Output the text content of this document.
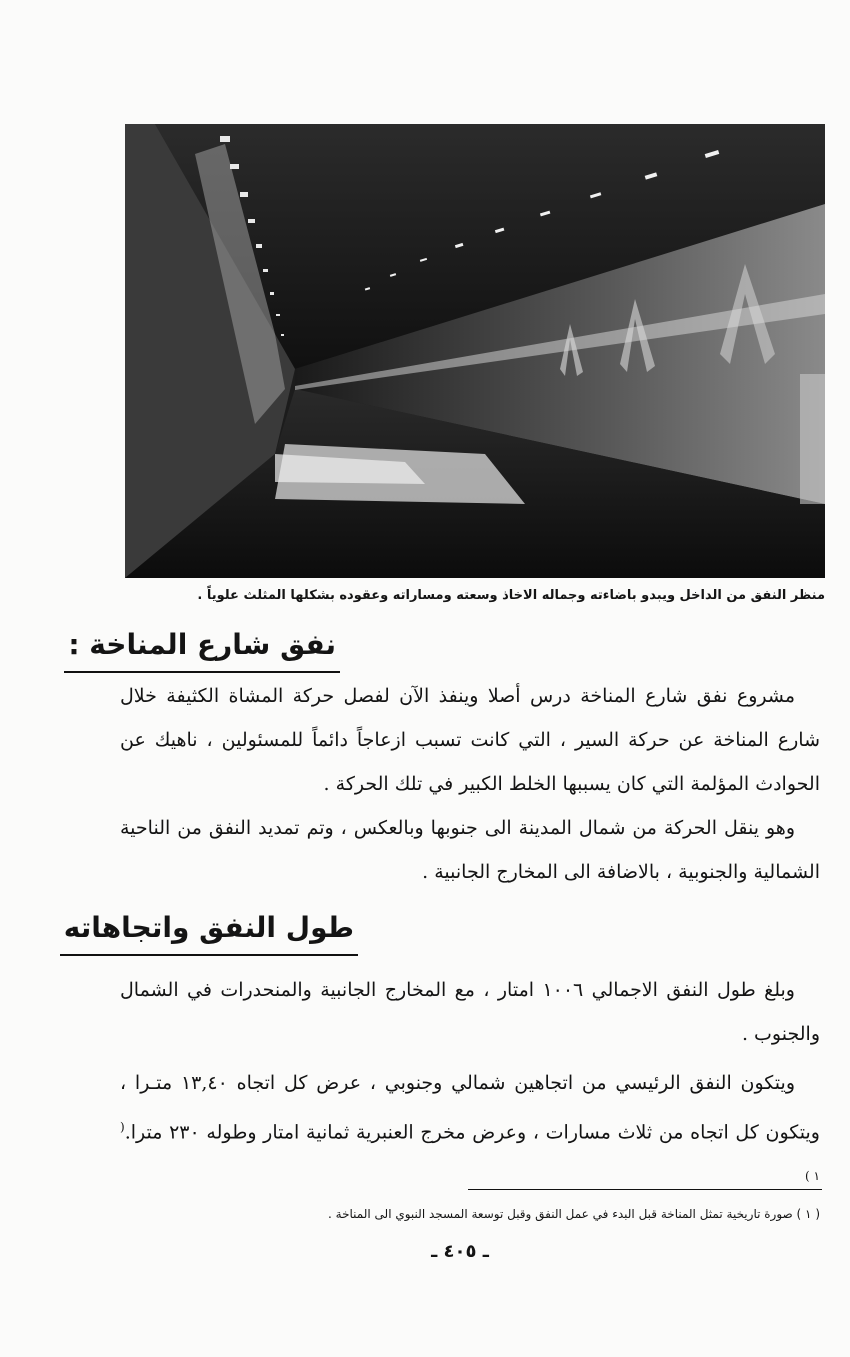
منظر النفق من الداخل ويبدو باضاءته وجماله الاخاذ وسعته ومساراته وعقوده بشكلها المثلث علوياً .
نفق شارع المناخة :

مشروع نفق شارع المناخة درس أصلا وينفذ الآن لفصل حركة المشاة الكثيفة خلال شارع المناخة عن حركة السير ، التي كانت تسبب ازعاجاً دائماً للمسئولين ، ناهيك عن الحوادث المؤلمة التي كان يسببها الخلط الكبير في تلك الحركة .

وهو ينقل الحركة من شمال المدينة الى جنوبها وبالعكس ، وتم تمديد النفق من الناحية الشمالية والجنوبية ، بالاضافة الى المخارج الجانبية .

طول النفق واتجاهاته

وبلغ طول النفق الاجمالي ١٠٠٦ امتار ، مع المخارج الجانبية والمنحدرات في الشمال والجنوب .

ويتكون النفق الرئيسي من اتجاهين شمالي وجنوبي ، عرض كل اتجاه ١٣,٤٠ متـرا ، ويتكون كل اتجاه من ثلاث مسارات ، وعرض مخرج العنبرية ثمانية امتار وطوله ٢٣٠ مترا.$^{( ١ )}$

( ١ ) صورة تاريخية تمثل المناخة قبل البدء في عمل النفق وقبل توسعة المسجد النبوي الى المناخة .
ـ ٤٠٥ ـ
